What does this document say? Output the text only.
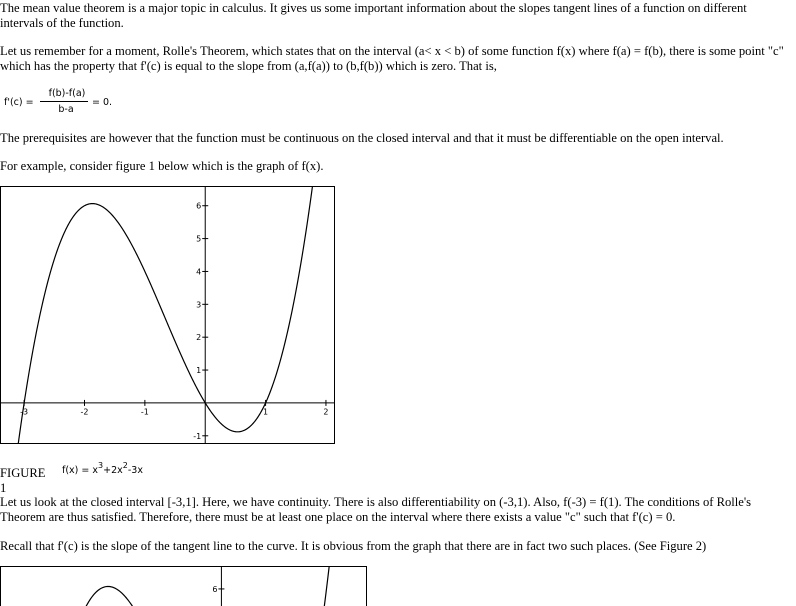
The mean value theorem is a major topic in calculus. It gives us some important information about the slopes tangent lines of a function on different intervals of the function.

Let us remember for a moment, Rolle's Theorem, which states that on the interval (a< x < b) of some function f(x) where f(a) = f(b), there is some point "c" which has the property that f'(c) is equal to the slope from (a,f(a)) to (b,f(b)) which is zero. That is,

f'(c) =
f(b)-f(a)
b-a
= 0.

The prerequisites are however that the function must be continuous on the closed interval and that it must be differentiable on the open interval.

For example, consider figure 1 below which is the graph of f(x).

-3	-2	-1	1	2
-1
1
2
3
4
5
6
FIGURE 1
$f(x) = x^3+2x^2-3x$

Let us look at the closed interval [-3,1]. Here, we have continuity. There is also differentiability on (-3,1). Also, f(-3) = f(1). The conditions of Rolle's Theorem are thus satisfied. Therefore, there must be at least one place on the interval where there exists a value "c" such that f'(c) = 0.

Recall that f'(c) is the slope of the tangent line to the curve. It is obvious from the graph that there are in fact two such places. (See Figure 2)

6
